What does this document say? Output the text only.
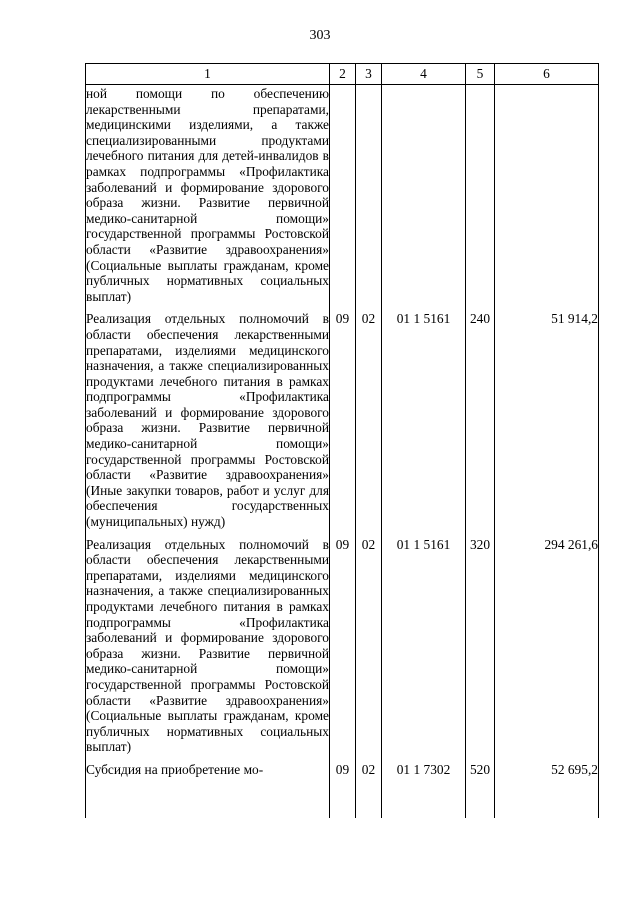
303
1	2	3	4	5	6
ной помощи по обеспечению лекарственными препаратами, медицинскими изделиями, а также специализированными продуктами лечебного питания для детей-инвалидов в рамках подпрограммы «Профилактика заболеваний и формирование здорового образа жизни. Развитие первичной медико-санитарной помощи» государственной программы Ростовской области «Развитие здравоохранения» (Социальные выплаты гражданам, кроме публичных нормативных социальных выплат)					
Реализация отдельных полномочий в области обеспечения лекарственными препаратами, изделиями медицинского назначения, а также специализированных продуктами лечебного питания в рамках подпрограммы «Профилактика заболеваний и формирование здорового образа жизни. Развитие первичной медико-санитарной помощи» государственной программы Ростовской области «Развитие здравоохранения» (Иные закупки товаров, работ и услуг для обеспечения государственных (муниципальных) нужд)	09	02	01 1 5161	240	51 914,2
Реализация отдельных полномочий в области обеспечения лекарственными препаратами, изделиями медицинского назначения, а также специализированных продуктами лечебного питания в рамках подпрограммы «Профилактика заболеваний и формирование здорового образа жизни. Развитие первичной медико-санитарной помощи» государственной программы Ростовской области «Развитие здравоохранения» (Социальные выплаты гражданам, кроме публичных нормативных социальных выплат)	09	02	01 1 5161	320	294 261,6
Субсидия на приобретение мо-	09	02	01 1 7302	520	52 695,2
